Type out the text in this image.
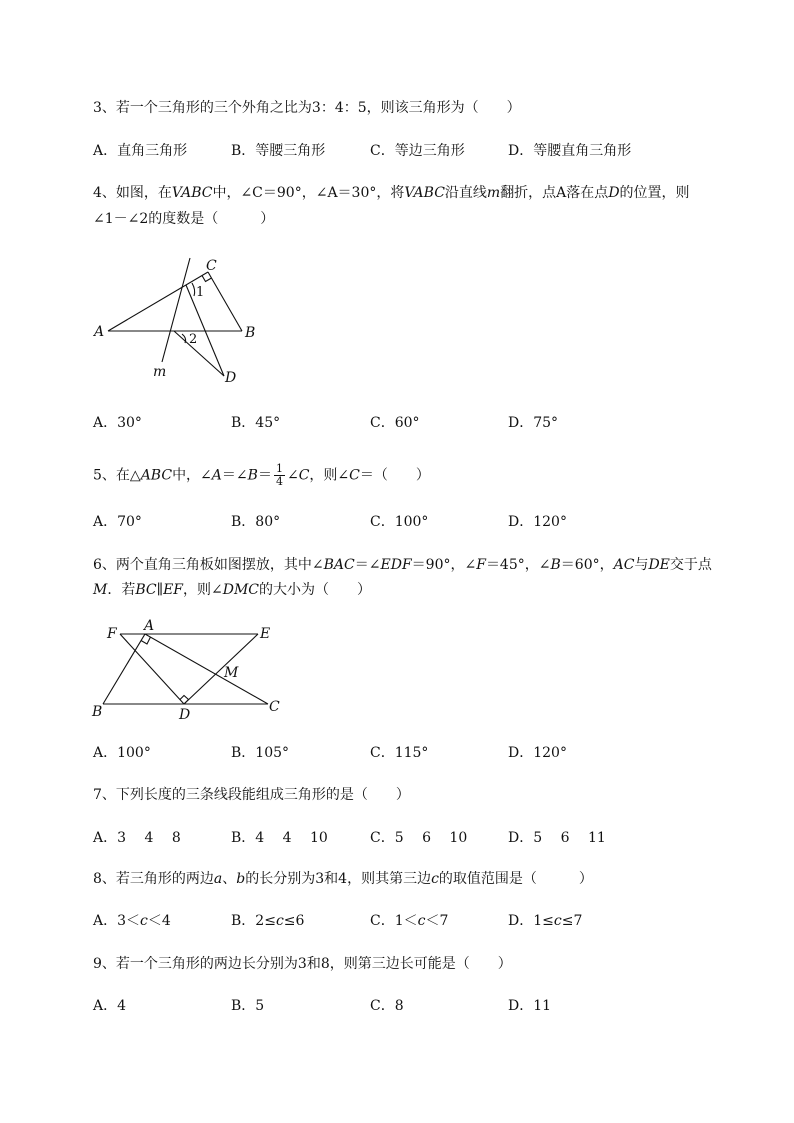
3、若一个三角形的三个外角之比为3：4：5，则该三角形为（　　）
A．直角三角形	B．等腰三角形	C．等边三角形	D．等腰直角三角形
4、如图，在VABC中，∠C＝90°，∠A＝30°，将VABC沿直线m翻折，点A落在点D的位置，则
∠1－∠2的度数是（　　　）
A	B
C
D
m
1
2
A．30°	B．45°	C．60°	D．75°
5、在△ABC中，∠A＝∠B＝ $\frac{1}{4}$ ∠C，则∠C＝（　　）
A．70°	B．80°	C．100°	D．120°
6、两个直角三角板如图摆放，其中∠BAC＝∠EDF＝90°，∠F＝45°，∠B＝60°，AC与DE交于点
M．若BC∥EF，则∠DMC的大小为（　　）
F A	E
M
B	D	C
A．100°	B．105°	C．115°	D．120°
7、下列长度的三条线段能组成三角形的是（　　）
A．3　 4　 8	B．4　 4　 10	C．5　 6　 10	D．5　 6　 11
8、若三角形的两边a、b的长分别为3和4，则其第三边c的取值范围是（　　　）
A．3＜c＜4	B．2≤c≤6	C．1＜c＜7	D．1≤c≤7
9、若一个三角形的两边长分别为3和8，则第三边长可能是（　　）
A．4	B．5	C．8	D．11
